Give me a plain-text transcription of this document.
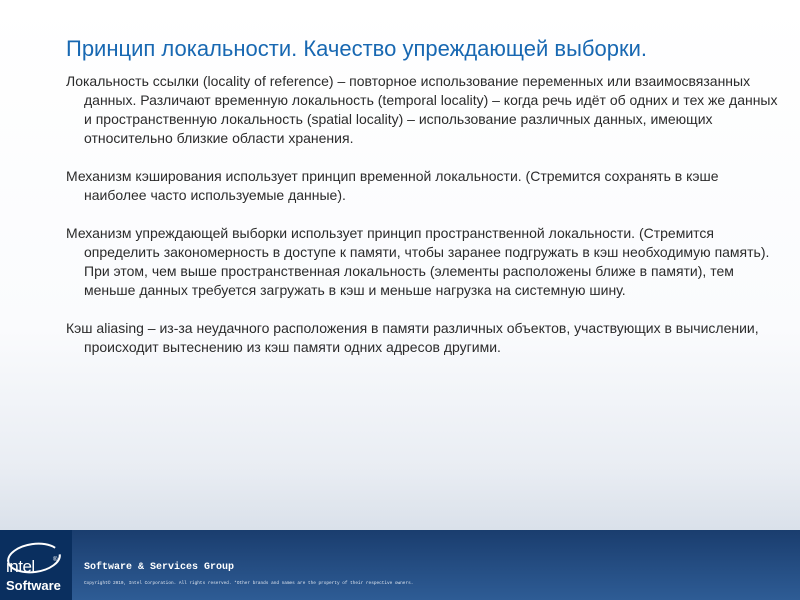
Принцип локальности. Качество упреждающей выборки.

Локальность ссылки (locality of reference) – повторное использование переменных или взаимосвязанных данных. Различают временную локальность (temporal locality) – когда речь идёт об одних и тех же данных и пространственную локальность (spatial locality) – использование различных данных, имеющих относительно близкие области хранения.

Механизм кэширования использует принцип временной локальности. (Стремится сохранять в кэше наиболее часто используемые данные).

Механизм упреждающей выборки использует принцип пространственной локальности. (Стремится определить закономерность в доступе к памяти, чтобы заранее подгружать в кэш необходимую память). При этом, чем выше пространственная локальность (элементы расположены ближе в памяти), тем меньше данных требуется загружать в кэш и меньше нагрузка на системную шину.

Кэш aliasing – из-за неудачного расположения в памяти различных объектов, участвующих в вычислении, происходит вытеснению из кэш памяти одних адресов другими.

intel	®
Software
Software & Services Group
Copyright© 2010, Intel Corporation. All rights reserved. *Other brands and names are the property of their respective owners.
